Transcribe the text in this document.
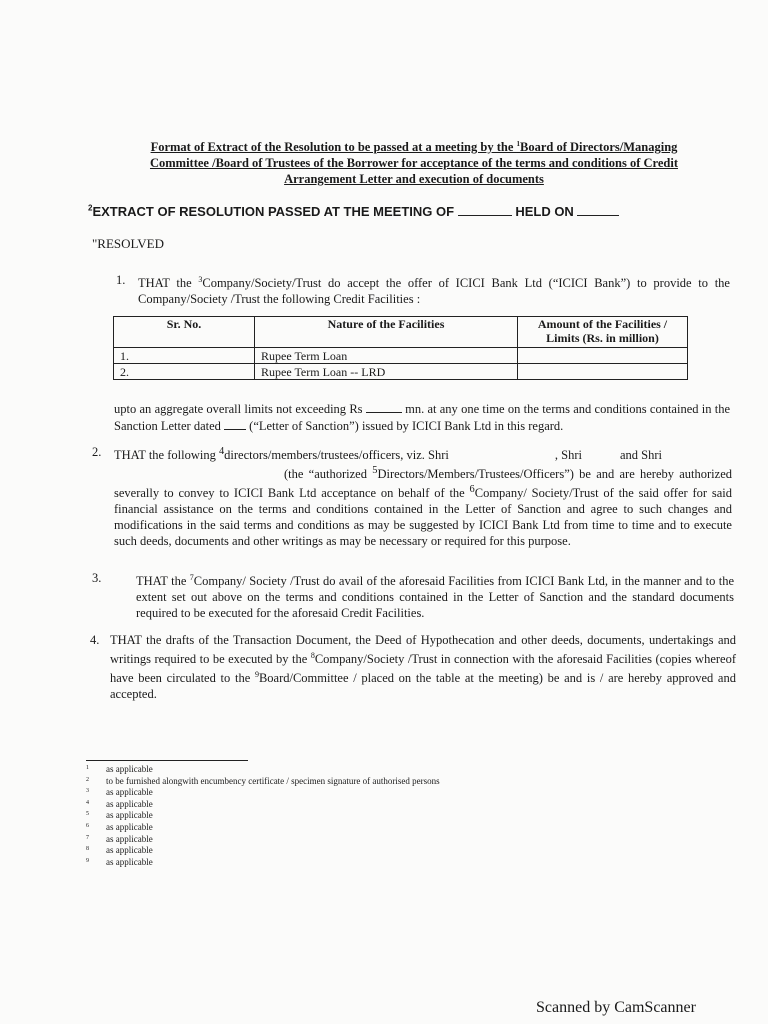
Format of Extract of the Resolution to be passed at a meeting by the $^1$Board of Directors/Managing
Committee /Board of Trustees of the Borrower for acceptance of the terms and conditions of Credit
Arrangement Letter and execution of documents
$^2$EXTRACT OF RESOLUTION PASSED AT THE MEETING OF	HELD ON
"RESOLVED
1. THAT the $^3$Company/Society/Trust do accept the offer of ICICI Bank Ltd (“ICICI Bank”) to provide to the Company/Society /Trust the following Credit Facilities :
Sr. No.	Nature of the Facilities	Amount of the Facilities / Limits (Rs. in million)
1.	Rupee Term Loan	
2.	Rupee Term Loan -- LRD	
upto an aggregate overall limits not exceeding Rs	mn. at any one time on the terms and conditions contained in the Sanction Letter dated (“Letter of Sanction”) issued by ICICI Bank Ltd in this regard.
2. THAT the following $^4$directors/members/trustees/officers, viz. Shri	, Shri	and Shri
(the “authorized $^5$Directors/Members/Trustees/Officers”) be and are hereby authorized severally to convey to ICICI Bank Ltd acceptance on behalf of the $^6$Company/ Society/Trust of the said offer for said financial assistance on the terms and conditions contained in the Letter of Sanction and agree to such changes and modifications in the said terms and conditions as may be suggested by ICICI Bank Ltd from time to time and to execute such deeds, documents and other writings as may be necessary or required for this purpose.
3.	THAT the $^7$Company/ Society /Trust do avail of the aforesaid Facilities from ICICI Bank Ltd, in the manner and to the extent set out above on the terms and conditions contained in the Letter of Sanction and the standard documents required to be executed for the aforesaid Credit Facilities.
4. THAT the drafts of the Transaction Document, the Deed of Hypothecation and other deeds, documents, undertakings and writings required to be executed by the $^8$Company/Society /Trust in connection with the aforesaid Facilities (copies whereof have been circulated to the $^9$Board/Committee / placed on the table at the meeting) be and is / are hereby approved and accepted.
1 as applicable
2 to be furnished alongwith encumbency certificate / specimen signature of authorised persons
3 as applicable
4 as applicable
5 as applicable
6 as applicable
7 as applicable
8 as applicable
9 as applicable
Scanned by CamScanner
